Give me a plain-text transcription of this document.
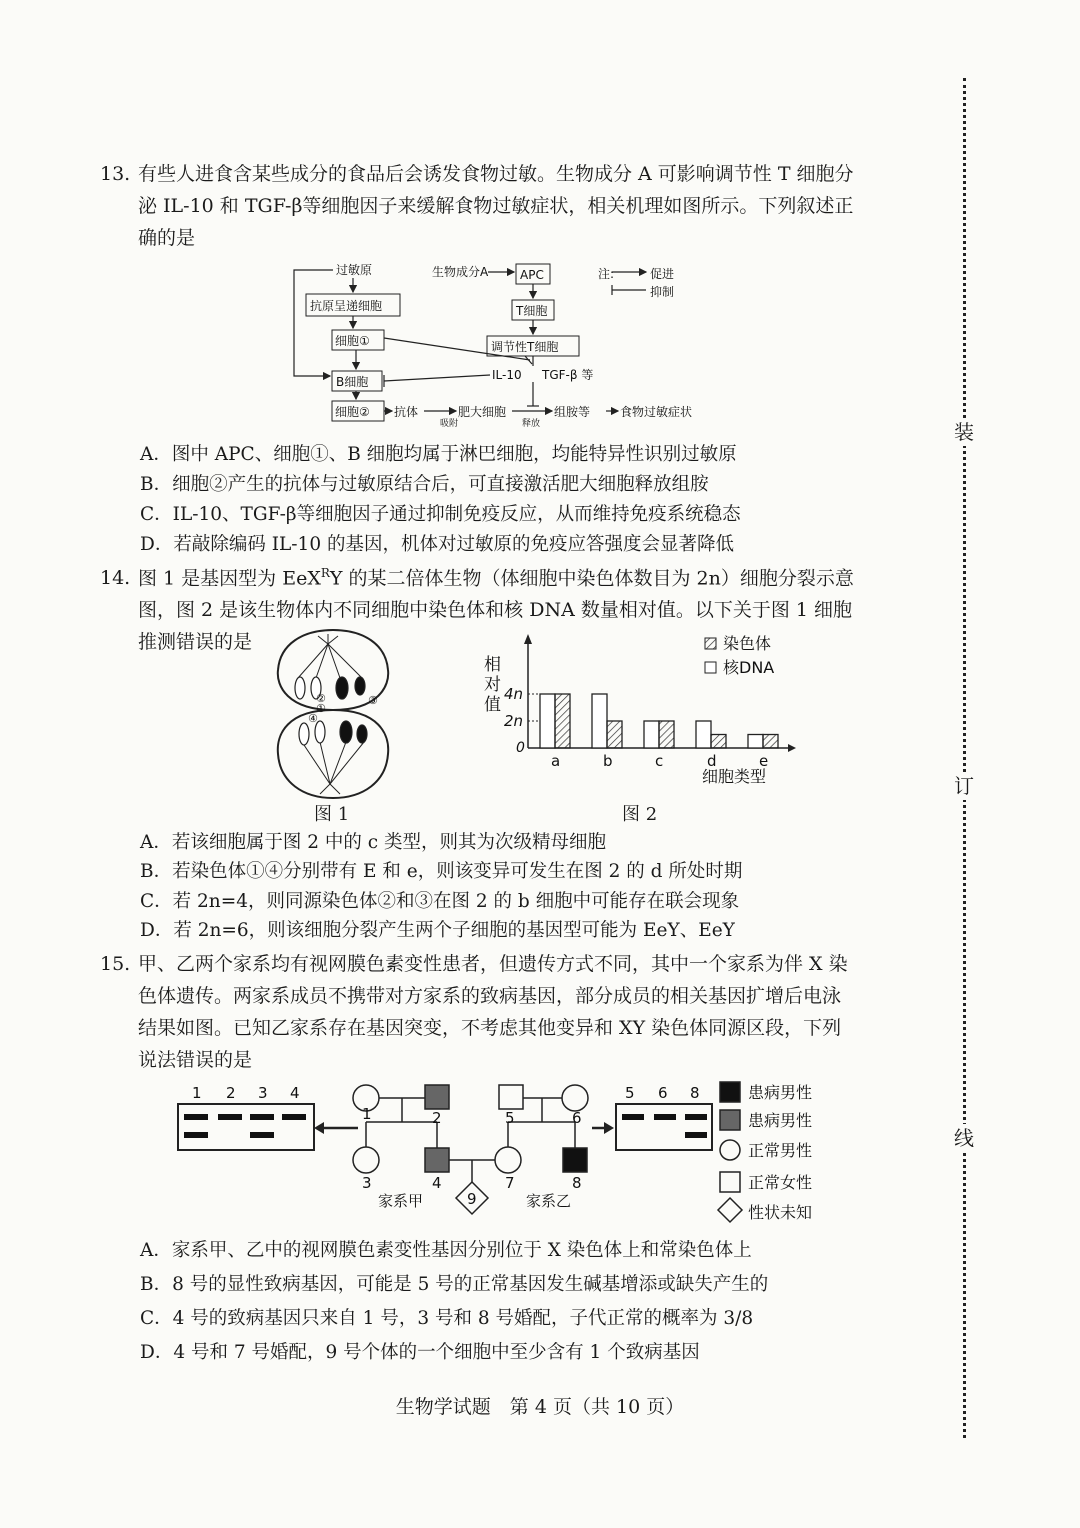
装
订
线
13. 有些人进食含某些成分的食品后会诱发食物过敏。生物成分 A 可影响调节性 T 细胞分
泌 IL-10 和 TGF-β等细胞因子来缓解食物过敏症状，相关机理如图所示。下列叙述正
确的是
过敏原
抗原呈递细胞
细胞①
B细胞
细胞② 抗体
吸附
肥大细胞
释放
组胺等 食物过敏症状
生物成分A	APC
T细胞
调节性T细胞
IL-10 TGF-β 等
注:	促进
抑制
A．图中 APC、细胞①、B 细胞均属于淋巴细胞，均能特异性识别过敏原
B．细胞②产生的抗体与过敏原结合后，可直接激活肥大细胞释放组胺
C．IL-10、TGF-β等细胞因子通过抑制免疫反应，从而维持免疫系统稳态
D．若敲除编码 IL-10 的基因，机体对过敏原的免疫应答强度会显著降低
14. 图 1 是基因型为 EeX$^R$Y 的某二倍体生物（体细胞中染色体数目为 2n）细胞分裂示意
图，图 2 是该生物体内不同细胞中染色体和核 DNA 数量相对值。以下关于图 1 细胞
推测错误的是
①
②	③
④
图 1
相
对
值
细胞类型
染色体
核DNA
a	b	c	d	e
2n
4n
0
图 2
A．若该细胞属于图 2 中的 c 类型，则其为次级精母细胞
B．若染色体①④分别带有 E 和 e，则该变异可发生在图 2 的 d 所处时期
C．若 2n=4，则同源染色体②和③在图 2 的 b 细胞中可能存在联会现象
D．若 2n=6，则该细胞分裂产生两个子细胞的基因型可能为 EeY、EeY
15. 甲、乙两个家系均有视网膜色素变性患者，但遗传方式不同，其中一个家系为伴 X 染
色体遗传。两家系成员不携带对方家系的致病基因，部分成员的相关基因扩增后电泳
结果如图。已知乙家系存在基因突变，不考虑其他变异和 XY 染色体同源区段，下列
说法错误的是
1 2 3 4
1	2
3	4
5	6
7	8
9
家系甲	家系乙
5 6 8	患病男性
患病男性
正常男性
正常女性
性状未知
A．家系甲、乙中的视网膜色素变性基因分别位于 X 染色体上和常染色体上
B．8 号的显性致病基因，可能是 5 号的正常基因发生碱基增添或缺失产生的
C．4 号的致病基因只来自 1 号，3 号和 8 号婚配，子代正常的概率为 3/8
D．4 号和 7 号婚配，9 号个体的一个细胞中至少含有 1 个致病基因
生物学试题　第 4 页（共 10 页）
